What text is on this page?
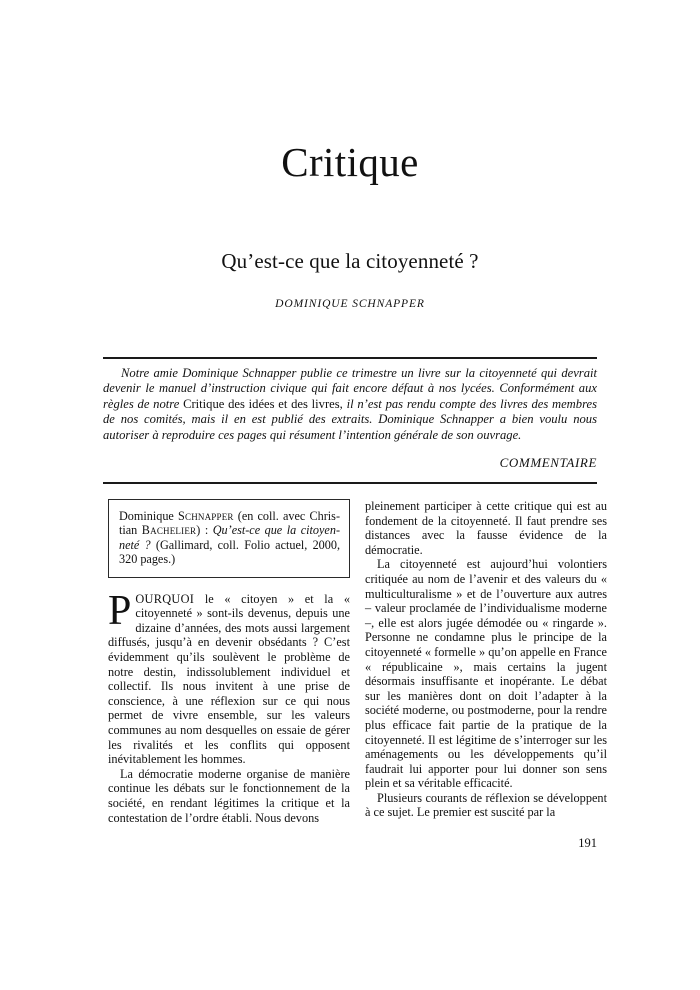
Critique
Qu’est-ce que la citoyenneté ?
DOMINIQUE SCHNAPPER
Notre amie Dominique Schnapper publie ce trimestre un livre sur la citoyenneté qui devrait devenir le manuel d’instruction civique qui fait encore défaut à nos lycées. Conformément aux règles de notre Critique des idées et des livres, il n’est pas rendu compte des livres des membres de nos comités, mais il en est publié des extraits. Dominique Schnapper a bien voulu nous autoriser à reproduire ces pages qui résument l’intention générale de son ouvrage.
COMMENTAIRE

Dominique Schnapper (en coll. avec Christian Bachelier) : Qu’est-ce que la citoyenneté ? (Gallimard, coll. Folio actuel, 2000, 320 pages.)

POURQUOI le « citoyen » et la « citoyenneté » sont-ils devenus, depuis une dizaine d’années, des mots aussi largement diffusés, jusqu’à en devenir obsédants ? C’est évidemment qu’ils soulèvent le problème de notre destin, indissolublement individuel et collectif. Ils nous invitent à une prise de conscience, à une réflexion sur ce qui nous permet de vivre ensemble, sur les valeurs communes au nom desquelles on essaie de gérer les rivalités et les conflits qui opposent inévitablement les hommes.

La démocratie moderne organise de manière continue les débats sur le fonctionnement de la société, en rendant légitimes la critique et la contestation de l’ordre établi. Nous devons

pleinement participer à cette critique qui est au fondement de la citoyenneté. Il faut prendre ses distances avec la fausse évidence de la démocratie.

La citoyenneté est aujourd’hui volontiers critiquée au nom de l’avenir et des valeurs du « multiculturalisme » et de l’ouverture aux autres – valeur proclamée de l’individualisme moderne –, elle est alors jugée démodée ou « ringarde ». Personne ne condamne plus le principe de la citoyenneté « formelle » qu’on appelle en France « républicaine », mais certains la jugent désormais insuffisante et inopérante. Le débat sur les manières dont on doit l’adapter à la société moderne, ou postmoderne, pour la rendre plus efficace fait partie de la pratique de la citoyenneté. Il est légitime de s’interroger sur les aménagements ou les développements qu’il faudrait lui apporter pour lui donner son sens plein et sa véritable efficacité.

Plusieurs courants de réflexion se développent à ce sujet. Le premier est suscité par la

191
